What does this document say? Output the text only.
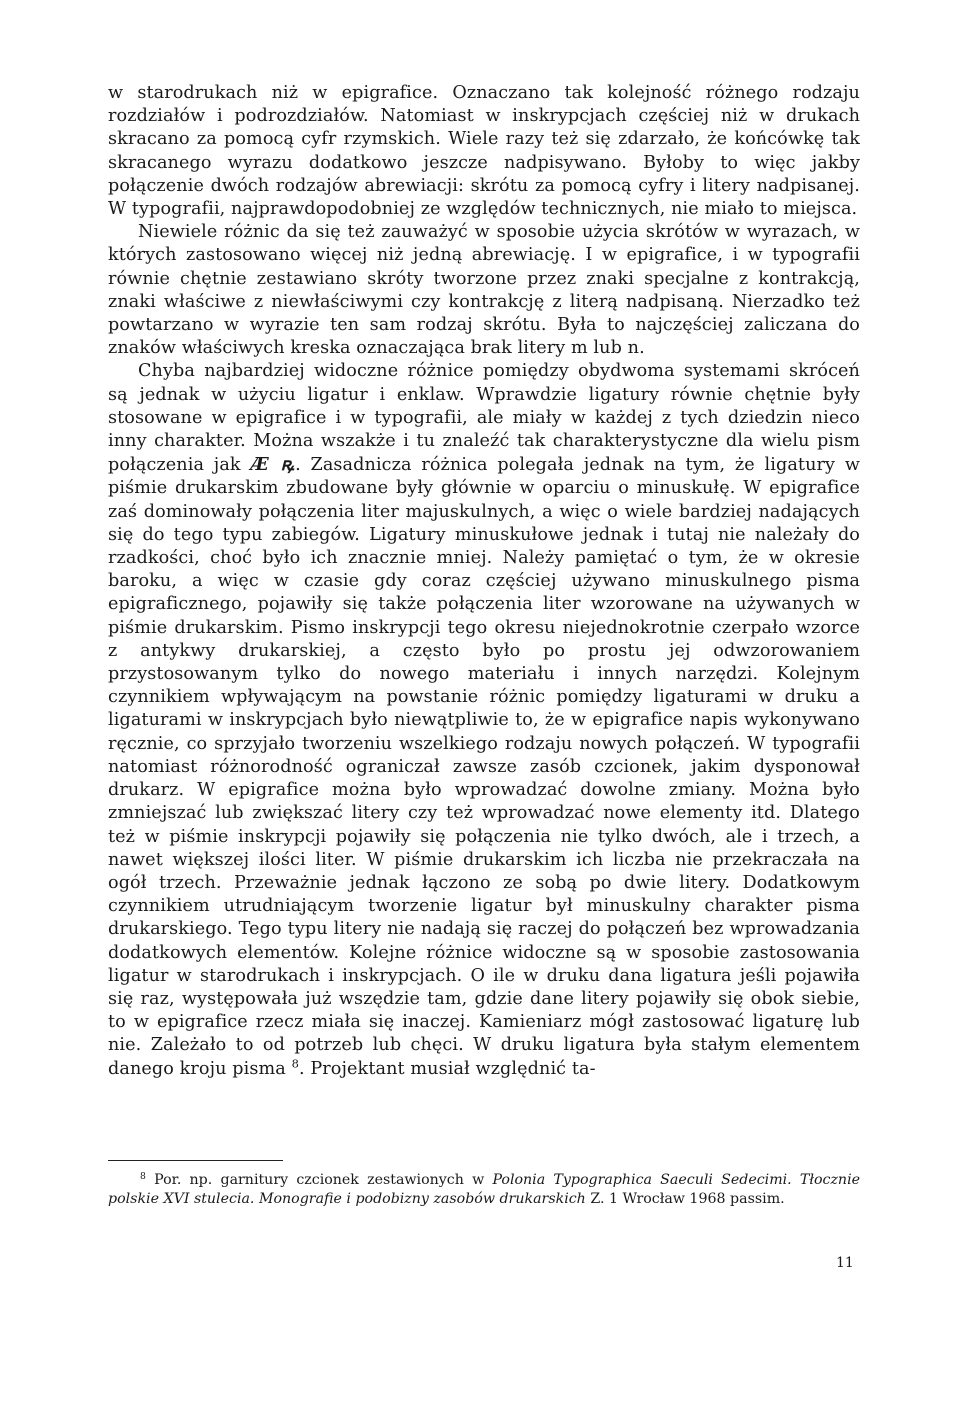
w starodrukach niż w epigrafice. Oznaczano tak kolejność różnego rodzaju rozdziałów i podrozdziałów. Natomiast w inskrypcjach częściej niż w drukach skracano za pomocą cyfr rzymskich. Wiele razy też się zdarzało, że końcówkę tak skracanego wyrazu dodatkowo jeszcze nadpisywano. Byłoby to więc jakby połączenie dwóch rodzajów abrewiacji: skrótu za pomocą cyfry i litery nadpisanej. W typografii, najprawdopodobniej ze względów technicznych, nie miało to miejsca.

Niewiele różnic da się też zauważyć w sposobie użycia skrótów w wyrazach, w których zastosowano więcej niż jedną abrewiację. I w epigrafice, i w typografii równie chętnie zestawiano skróty tworzone przez znaki specjalne z kontrakcją, znaki właściwe z niewłaściwymi czy kontrakcję z literą nadpisaną. Nierzadko też powtarzano w wyrazie ten sam rodzaj skrótu. Była to najczęściej zaliczana do znaków właściwych kreska oznaczająca brak litery m lub n.

Chyba najbardziej widoczne różnice pomiędzy obydwoma systemami skróceń są jednak w użyciu ligatur i enklaw. Wprawdzie ligatury równie chętnie były stosowane w epigrafice i w typografii, ale miały w każdej z tych dziedzin nieco inny charakter. Można wszakże i tu znaleźć tak charakterystyczne dla wielu pism połączenia jak Æ ꝶ. Zasadnicza różnica polegała jednak na tym, że ligatury w piśmie drukarskim zbudowane były głównie w oparciu o minuskułę. W epigrafice zaś dominowały połączenia liter majuskulnych, a więc o wiele bardziej nadających się do tego typu zabiegów. Ligatury minuskułowe jednak i tutaj nie należały do rzadkości, choć było ich znacznie mniej. Należy pamiętać o tym, że w okresie baroku, a więc w czasie gdy coraz częściej używano minuskulnego pisma epigraficznego, pojawiły się także połączenia liter wzorowane na używanych w piśmie drukarskim. Pismo inskrypcji tego okresu niejednokrotnie czerpało wzorce z antykwy drukarskiej, a często było po prostu jej odwzorowaniem przystosowanym tylko do nowego materiału i innych narzędzi. Kolejnym czynnikiem wpływającym na powstanie różnic pomiędzy ligaturami w druku a ligaturami w inskrypcjach było niewątpliwie to, że w epigrafice napis wykonywano ręcznie, co sprzyjało tworzeniu wszelkiego rodzaju nowych połączeń. W typografii natomiast różnorodność ograniczał zawsze zasób czcionek, jakim dysponował drukarz. W epigrafice można było wprowadzać dowolne zmiany. Można było zmniejszać lub zwiększać litery czy też wprowadzać nowe elementy itd. Dlatego też w piśmie inskrypcji pojawiły się połączenia nie tylko dwóch, ale i trzech, a nawet większej ilości liter. W piśmie drukarskim ich liczba nie przekraczała na ogół trzech. Przeważnie jednak łączono ze sobą po dwie litery. Dodatkowym czynnikiem utrudniającym tworzenie ligatur był minuskulny charakter pisma drukarskiego. Tego typu litery nie nadają się raczej do połączeń bez wprowadzania dodatkowych elementów. Kolejne różnice widoczne są w sposobie zastosowania ligatur w starodrukach i inskrypcjach. O ile w druku dana ligatura jeśli pojawiła się raz, występowała już wszędzie tam, gdzie dane litery pojawiły się obok siebie, to w epigrafice rzecz miała się inaczej. Kamieniarz mógł zastosować ligaturę lub nie. Zależało to od potrzeb lub chęci. W druku ligatura była stałym elementem danego kroju pisma $^8$. Projektant musiał względnić ta-

$^8$ Por. np. garnitury czcionek zestawionych w Polonia Typographica Saeculi Sedecimi. Tłocznie polskie XVI stulecia. Monografie i podobizny zasobów drukarskich Z. 1 Wrocław 1968 passim.

11
